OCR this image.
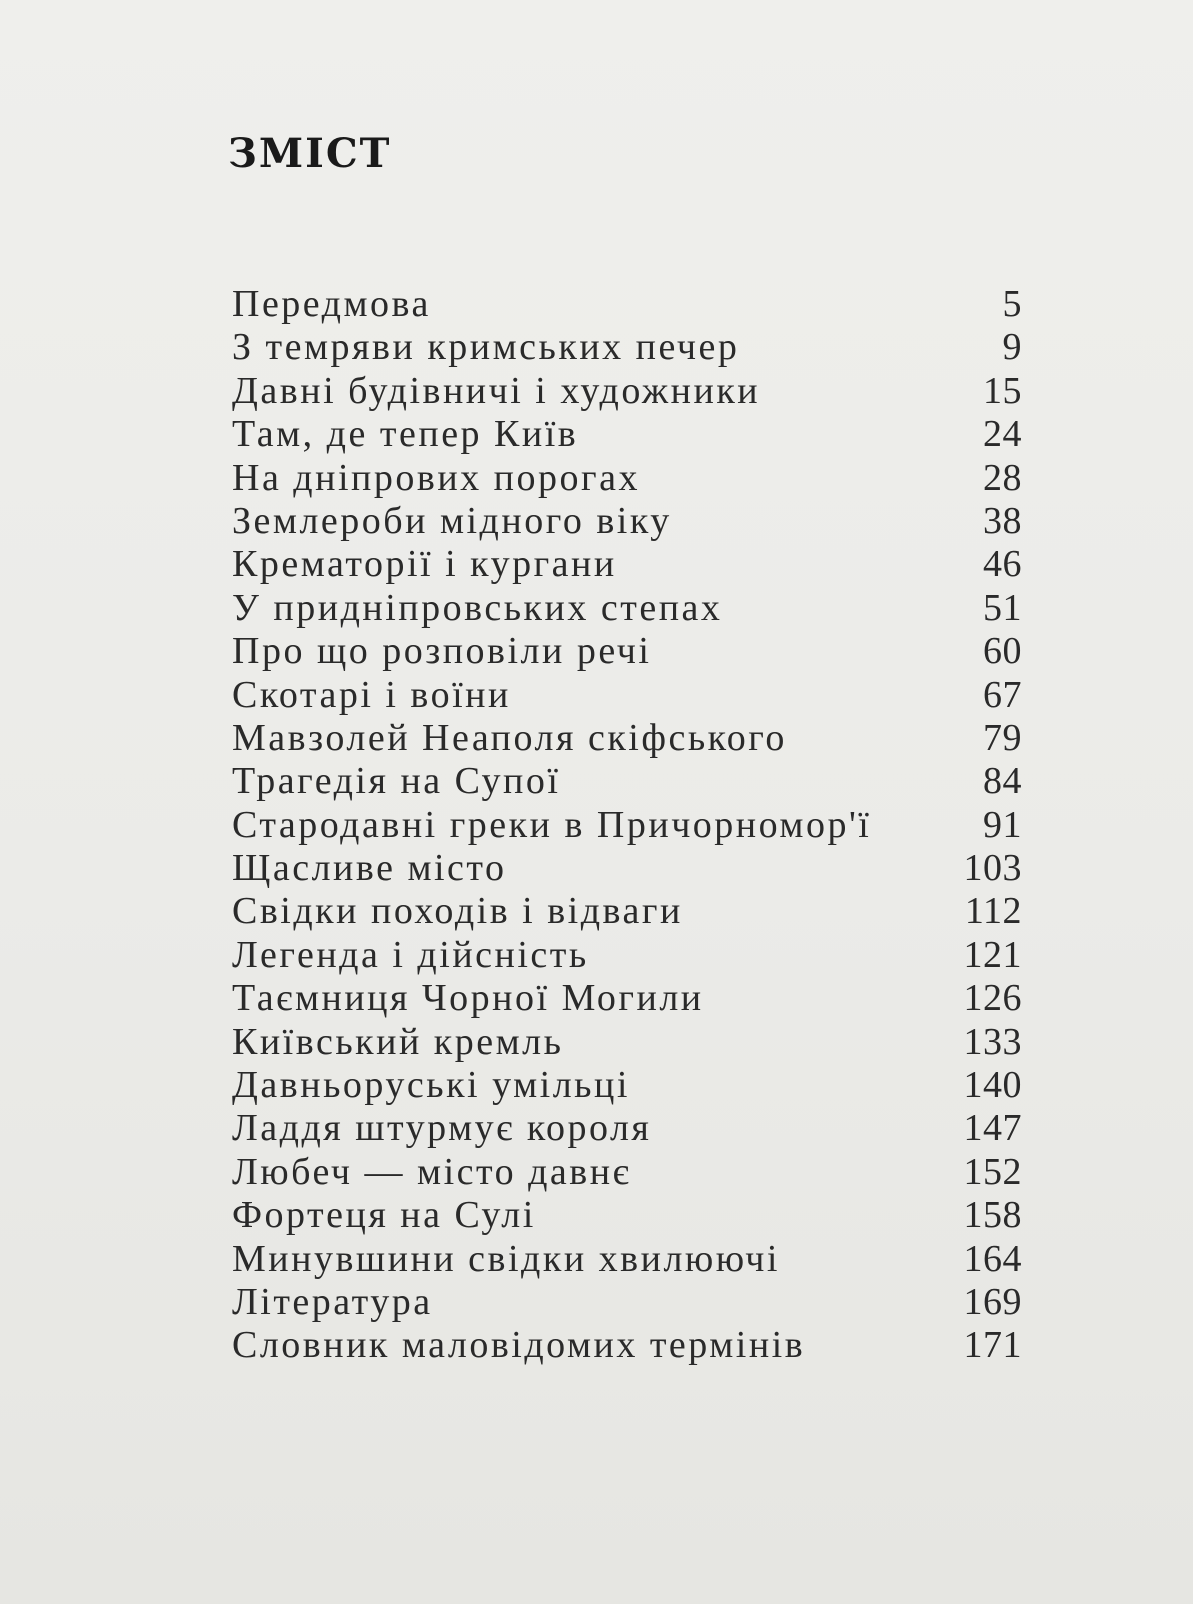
ЗМІСТ
Передмова	5
З темряви кримських печер	9
Давні будівничі і художники	15
Там, де тепер Київ	24
На дніпрових порогах	28
Землероби мідного віку	38
Крематорії і кургани	46
У придніпровських степах	51
Про що розповіли речі	60
Скотарі і воїни	67
Мавзолей Неаполя скіфського	79
Трагедія на Супої	84
Стародавні греки в Причорномор'ї	91
Щасливе місто	103
Свідки походів і відваги	112
Легенда і дійсність	121
Таємниця Чорної Могили	126
Київський кремль	133
Давньоруські умільці	140
Ладдя штурмує короля	147
Любеч — місто давнє	152
Фортеця на Сулі	158
Минувшини свідки хвилюючі	164
Література	169
Словник маловідомих термінів	171
